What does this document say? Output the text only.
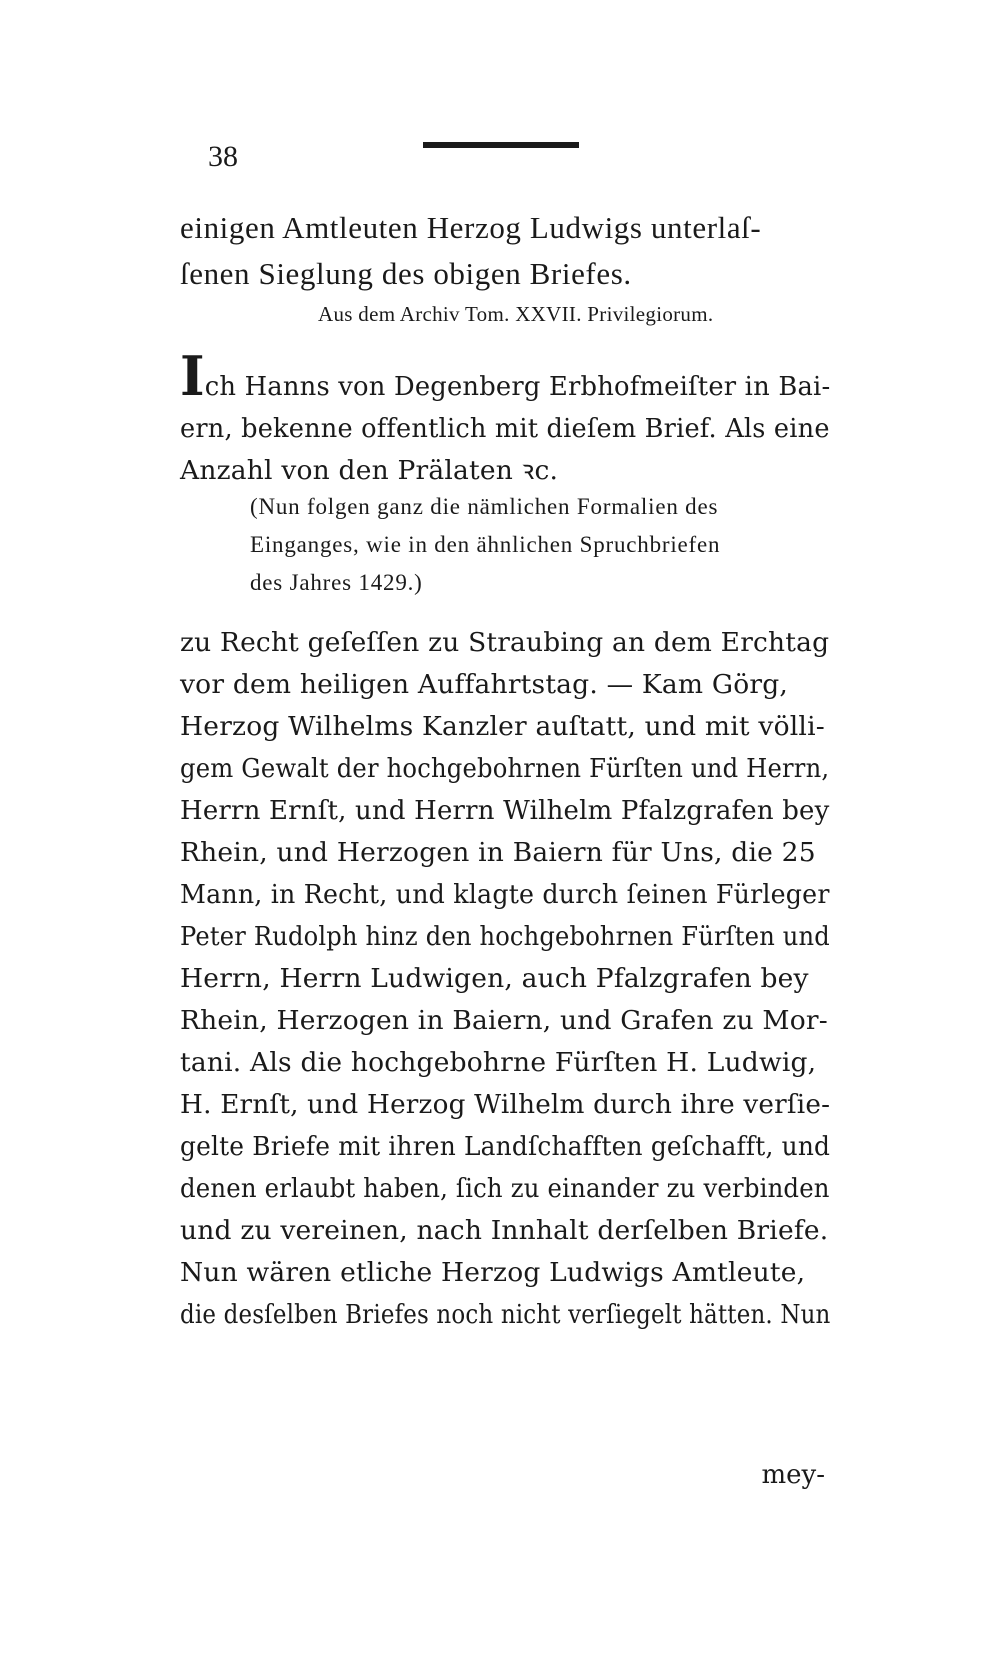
38
einigen Amtleuten Herzog Ludwigs unterlaſ-
ſenen Sieglung des obigen Briefes.
Aus dem Archiv Tom. XXVII. Privilegiorum.
Ich Hanns von Degenberg Erbhofmeiſter in Bai-
ern, bekenne offentlich mit dieſem Brief. Als eine
Anzahl von den Prälaten ꝛc.
(Nun folgen ganz die nämlichen Formalien des
Einganges, wie in den ähnlichen Spruchbriefen
des Jahres 1429.)
zu Recht geſeſſen zu Straubing an dem Erchtag
vor dem heiligen Auffahrtstag. — Kam Görg,
Herzog Wilhelms Kanzler auſtatt, und mit völli-
gem Gewalt der hochgebohrnen Fürſten und Herrn,
Herrn Ernſt, und Herrn Wilhelm Pfalzgrafen bey
Rhein, und Herzogen in Baiern für Uns, die 25
Mann, in Recht, und klagte durch ſeinen Fürleger
Peter Rudolph hinz den hochgebohrnen Fürſten und
Herrn, Herrn Ludwigen, auch Pfalzgrafen bey
Rhein, Herzogen in Baiern, und Grafen zu Mor-
tani. Als die hochgebohrne Fürſten H. Ludwig,
H. Ernſt, und Herzog Wilhelm durch ihre verſie-
gelte Briefe mit ihren Landſchafften geſchafft, und
denen erlaubt haben, ſich zu einander zu verbinden
und zu vereinen, nach Innhalt derſelben Briefe.
Nun wären etliche Herzog Ludwigs Amtleute,
die desſelben Briefes noch nicht verſiegelt hätten. Nun
mey-
